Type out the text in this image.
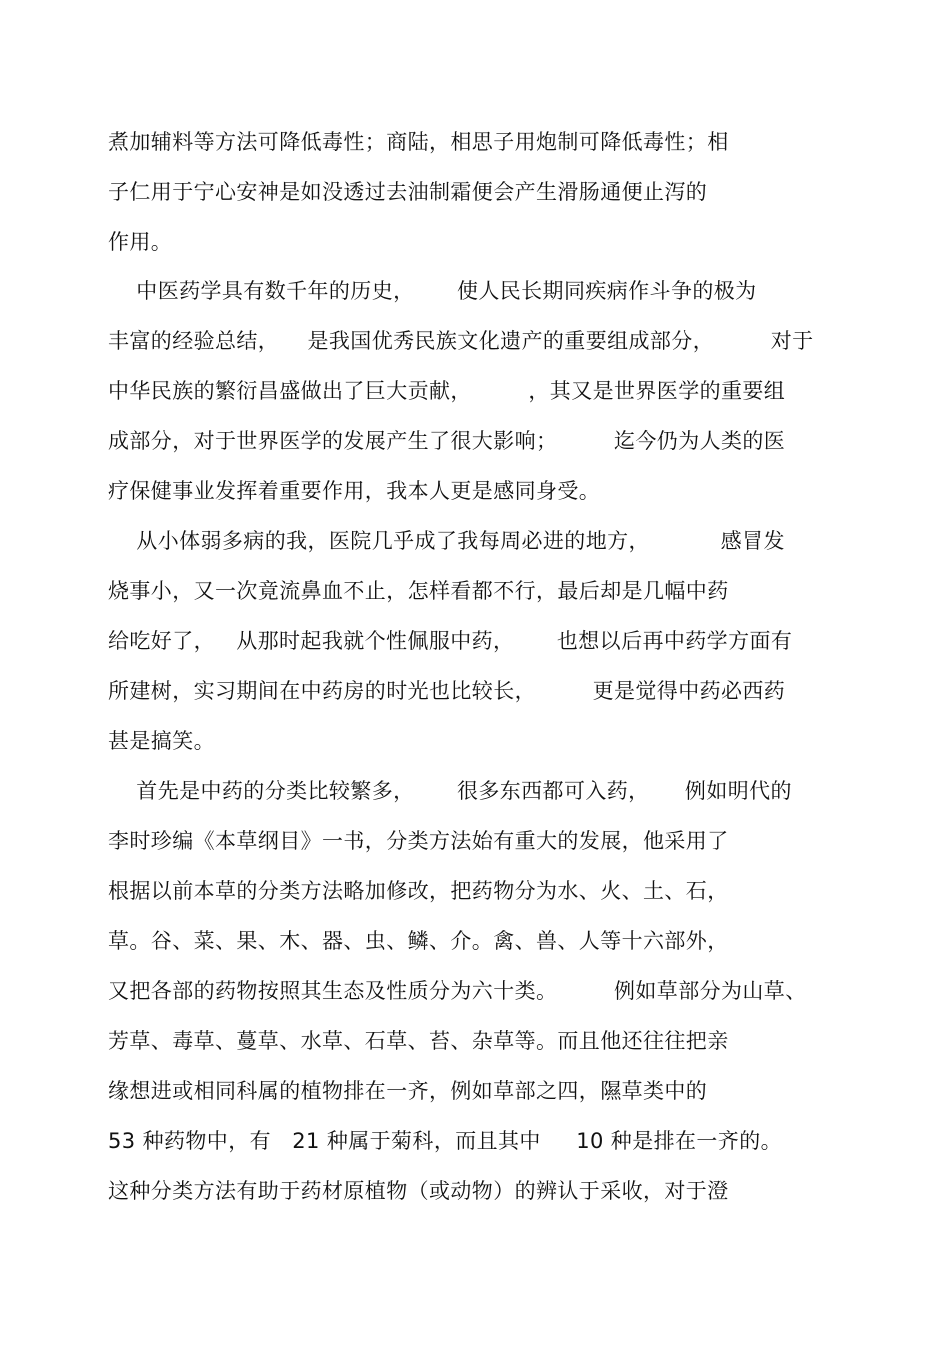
煮加辅料等方法可降低毒性；商陆，相思子用炮制可降低毒性；相
子仁用于宁心安神是如没透过去油制霜便会产生滑肠通便止泻的
作用。
中医药学具有数千年的历史，      使人民长期同疾病作斗争的极为
丰富的经验总结，    是我国优秀民族文化遗产的重要组成部分，        对于
中华民族的繁衍昌盛做出了巨大贡献，        ，其又是世界医学的重要组
成部分，对于世界医学的发展产生了很大影响；        迄今仍为人类的医
疗保健事业发挥着重要作用，我本人更是感同身受。
从小体弱多病的我，医院几乎成了我每周必进的地方，          感冒发
烧事小，又一次竟流鼻血不止，怎样看都不行，最后却是几幅中药
给吃好了，   从那时起我就个性佩服中药，      也想以后再中药学方面有
所建树，实习期间在中药房的时光也比较长，        更是觉得中药必西药
甚是搞笑。
首先是中药的分类比较繁多，      很多东西都可入药，     例如明代的
李时珍编《本草纲目》一书，分类方法始有重大的发展，他采用了
根据以前本草的分类方法略加修改，把药物分为水、火、土、石，
草。谷、菜、果、木、器、虫、鳞、介。禽、兽、人等十六部外，
又把各部的药物按照其生态及性质分为六十类。        例如草部分为山草、
芳草、毒草、蔓草、水草、石草、苔、杂草等。而且他还往往把亲
缘想进或相同科属的植物排在一齐，例如草部之四，隰草类中的
53 种药物中，有   21 种属于菊科，而且其中     10 种是排在一齐的。
这种分类方法有助于药材原植物（或动物）的辨认于采收，对于澄
